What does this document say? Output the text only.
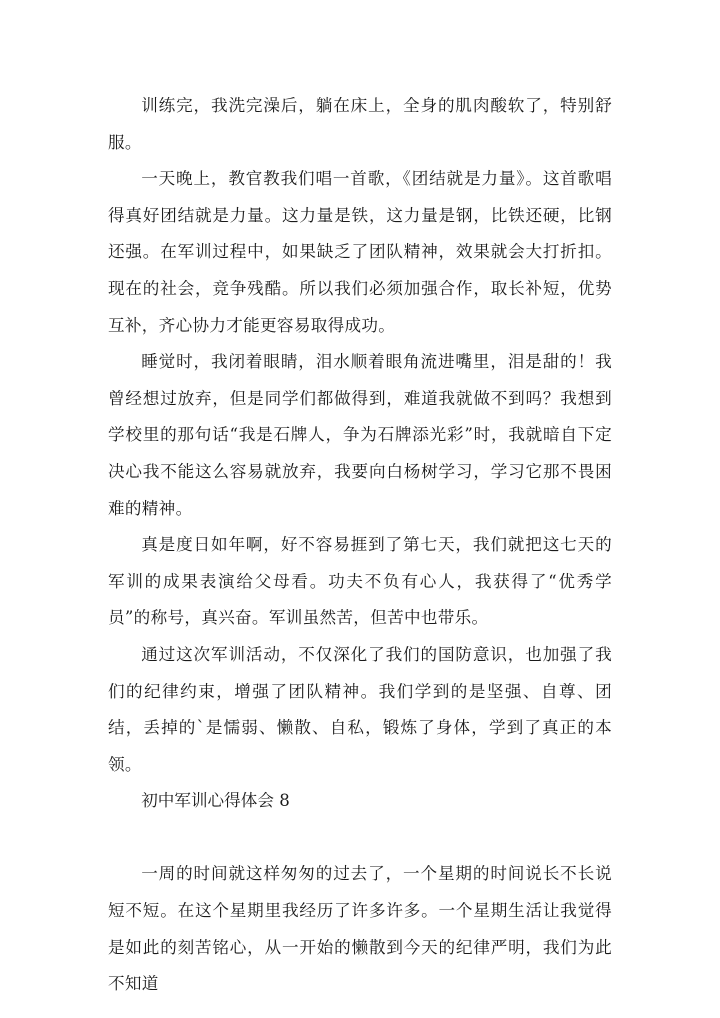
训练完，我洗完澡后，躺在床上，全身的肌肉酸软了，特别舒服。

一天晚上，教官教我们唱一首歌，《团结就是力量》。这首歌唱得真好团结就是力量。这力量是铁，这力量是钢，比铁还硬，比钢还强。在军训过程中，如果缺乏了团队精神，效果就会大打折扣。现在的社会，竞争残酷。所以我们必须加强合作，取长补短，优势互补，齐心协力才能更容易取得成功。

睡觉时，我闭着眼睛，泪水顺着眼角流进嘴里，泪是甜的！我曾经想过放弃，但是同学们都做得到，难道我就做不到吗？我想到学校里的那句话“我是石牌人，争为石牌添光彩”时，我就暗自下定决心我不能这么容易就放弃，我要向白杨树学习，学习它那不畏困难的精神。

真是度日如年啊，好不容易捱到了第七天，我们就把这七天的军训的成果表演给父母看。功夫不负有心人，我获得了“优秀学员”的称号，真兴奋。军训虽然苦，但苦中也带乐。

通过这次军训活动，不仅深化了我们的国防意识，也加强了我们的纪律约束，增强了团队精神。我们学到的是坚强、自尊、团结，丢掉的`是懦弱、懒散、自私，锻炼了身体，学到了真正的本领。

初中军训心得体会 8

一周的时间就这样匆匆的过去了，一个星期的时间说长不长说短不短。在这个星期里我经历了许多许多。一个星期生活让我觉得是如此的刻苦铭心，从一开始的懒散到今天的纪律严明，我们为此不知道
